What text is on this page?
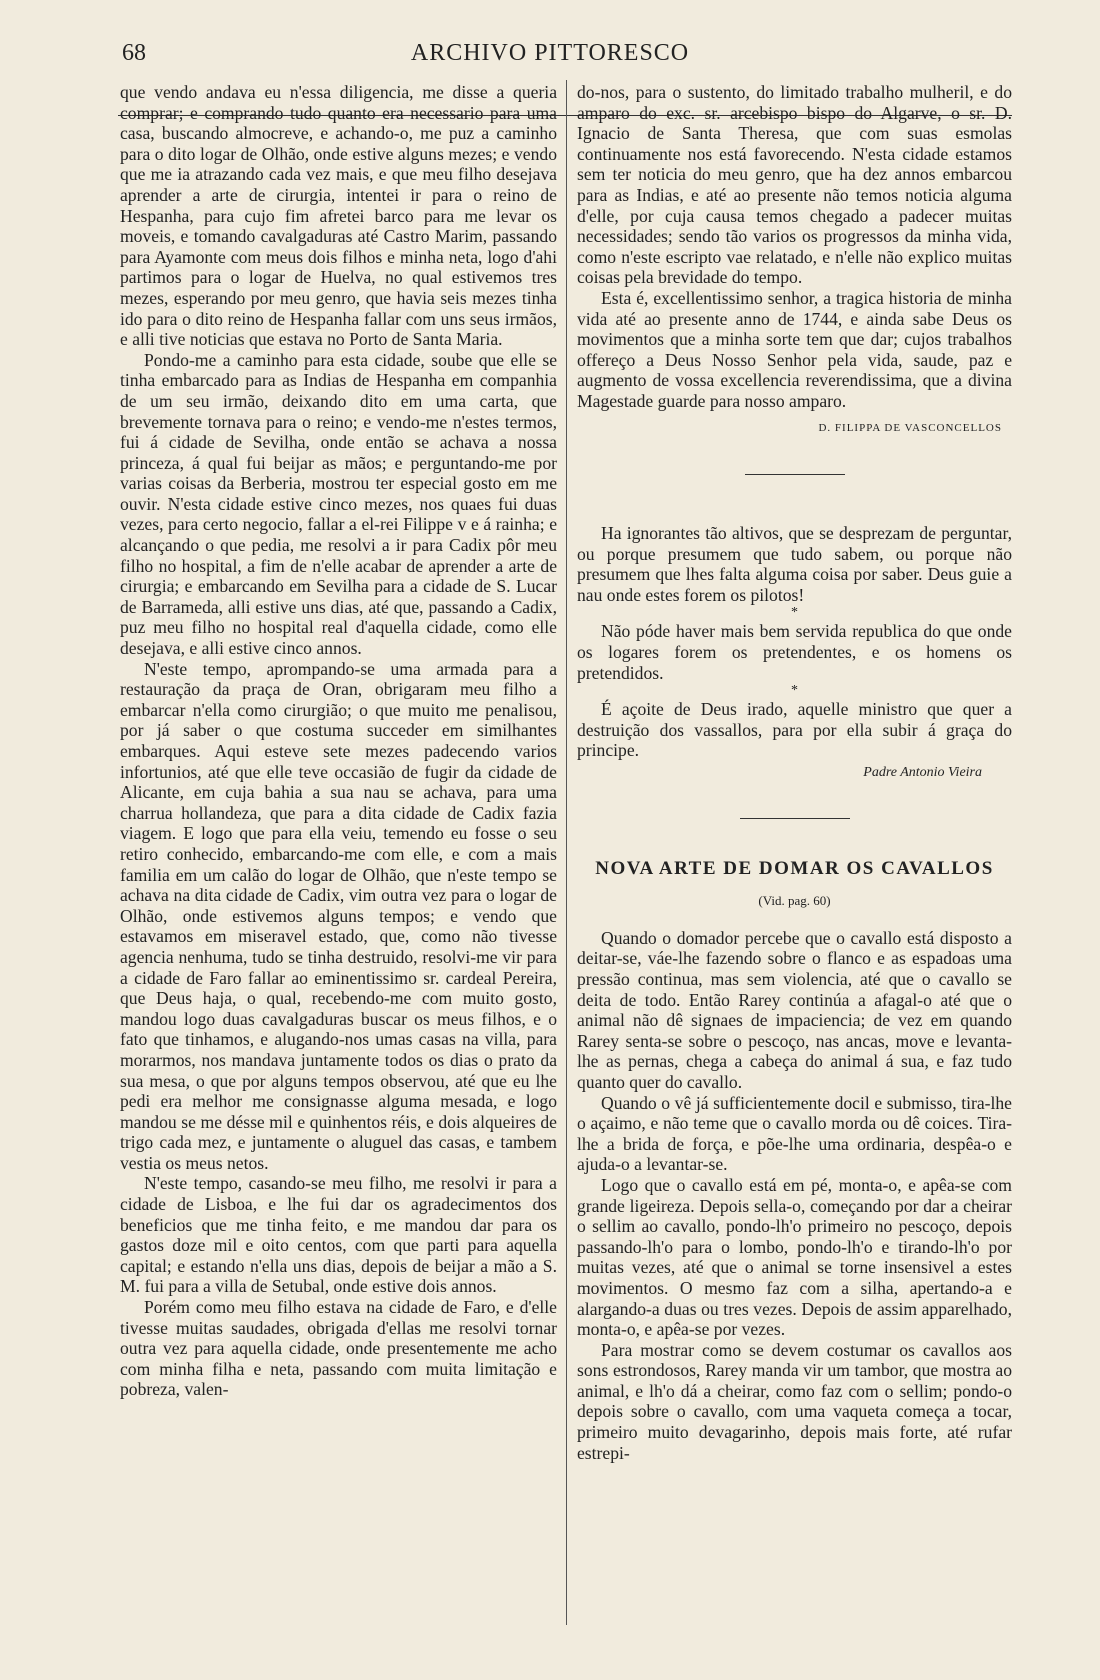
68	ARCHIVO PITTORESCO

que vendo andava eu n'essa diligencia, me disse a queria comprar; e comprando tudo quanto era necessario para uma casa, buscando almocreve, e achando-o, me puz a caminho para o dito logar de Olhão, onde estive alguns mezes; e vendo que me ia atrazando cada vez mais, e que meu filho desejava aprender a arte de cirurgia, intentei ir para o reino de Hespanha, para cujo fim afretei barco para me levar os moveis, e tomando cavalgaduras até Castro Marim, passando para Ayamonte com meus dois filhos e minha neta, logo d'ahi partimos para o logar de Huelva, no qual estivemos tres mezes, esperando por meu genro, que havia seis mezes tinha ido para o dito reino de Hespanha fallar com uns seus irmãos, e alli tive noticias que estava no Porto de Santa Maria.

Pondo-me a caminho para esta cidade, soube que elle se tinha embarcado para as Indias de Hespanha em companhia de um seu irmão, deixando dito em uma carta, que brevemente tornava para o reino; e vendo-me n'estes termos, fui á cidade de Sevilha, onde então se achava a nossa princeza, á qual fui beijar as mãos; e perguntando-me por varias coisas da Berberia, mostrou ter especial gosto em me ouvir. N'esta cidade estive cinco mezes, nos quaes fui duas vezes, para certo negocio, fallar a el-rei Filippe v e á rainha; e alcançando o que pedia, me resolvi a ir para Cadix pôr meu filho no hospital, a fim de n'elle acabar de aprender a arte de cirurgia; e embarcando em Sevilha para a cidade de S. Lucar de Barrameda, alli estive uns dias, até que, passando a Cadix, puz meu filho no hospital real d'aquella cidade, como elle desejava, e alli estive cinco annos.

N'este tempo, aprompando-se uma armada para a restauração da praça de Oran, obrigaram meu filho a embarcar n'ella como cirurgião; o que muito me penalisou, por já saber o que costuma succeder em similhantes embarques. Aqui esteve sete mezes padecendo varios infortunios, até que elle teve occasião de fugir da cidade de Alicante, em cuja bahia a sua nau se achava, para uma charrua hollandeza, que para a dita cidade de Cadix fazia viagem. E logo que para ella veiu, temendo eu fosse o seu retiro conhecido, embarcando-me com elle, e com a mais familia em um calão do logar de Olhão, que n'este tempo se achava na dita cidade de Cadix, vim outra vez para o logar de Olhão, onde estivemos alguns tempos; e vendo que estavamos em miseravel estado, que, como não tivesse agencia nenhuma, tudo se tinha destruido, resolvi-me vir para a cidade de Faro fallar ao eminentissimo sr. cardeal Pereira, que Deus haja, o qual, recebendo-me com muito gosto, mandou logo duas cavalgaduras buscar os meus filhos, e o fato que tinhamos, e alugando-nos umas casas na villa, para morarmos, nos mandava juntamente todos os dias o prato da sua mesa, o que por alguns tempos observou, até que eu lhe pedi era melhor me consignasse alguma mesada, e logo mandou se me désse mil e quinhentos réis, e dois alqueires de trigo cada mez, e juntamente o aluguel das casas, e tambem vestia os meus netos.

N'este tempo, casando-se meu filho, me resolvi ir para a cidade de Lisboa, e lhe fui dar os agradecimentos dos beneficios que me tinha feito, e me mandou dar para os gastos doze mil e oito centos, com que parti para aquella capital; e estando n'ella uns dias, depois de beijar a mão a S. M. fui para a villa de Setubal, onde estive dois annos.

Porém como meu filho estava na cidade de Faro, e d'elle tivesse muitas saudades, obrigada d'ellas me resolvi tornar outra vez para aquella cidade, onde presentemente me acho com minha filha e neta, passando com muita limitação e pobreza, valen-

do-nos, para o sustento, do limitado trabalho mulheril, e do amparo do exc. sr. arcebispo bispo do Algarve, o sr. D. Ignacio de Santa Theresa, que com suas esmolas continuamente nos está favorecendo. N'esta cidade estamos sem ter noticia do meu genro, que ha dez annos embarcou para as Indias, e até ao presente não temos noticia alguma d'elle, por cuja causa temos chegado a padecer muitas necessidades; sendo tão varios os progressos da minha vida, como n'este escripto vae relatado, e n'elle não explico muitas coisas pela brevidade do tempo.

Esta é, excellentissimo senhor, a tragica historia de minha vida até ao presente anno de 1744, e ainda sabe Deus os movimentos que a minha sorte tem que dar; cujos trabalhos offereço a Deus Nosso Senhor pela vida, saude, paz e augmento de vossa excellencia reverendissima, que a divina Magestade guarde para nosso amparo.

D. FILIPPA DE VASCONCELLOS

Ha ignorantes tão altivos, que se desprezam de perguntar, ou porque presumem que tudo sabem, ou porque não presumem que lhes falta alguma coisa por saber. Deus guie a nau onde estes forem os pilotos!

*

Não póde haver mais bem servida republica do que onde os logares forem os pretendentes, e os homens os pretendidos.

*

É açoite de Deus irado, aquelle ministro que quer a destruição dos vassallos, para por ella subir á graça do principe.

Padre Antonio Vieira
NOVA ARTE DE DOMAR OS CAVALLOS
(Vid. pag. 60)

Quando o domador percebe que o cavallo está disposto a deitar-se, váe-lhe fazendo sobre o flanco e as espadoas uma pressão continua, mas sem violencia, até que o cavallo se deita de todo. Então Rarey continúa a afagal-o até que o animal não dê signaes de impaciencia; de vez em quando Rarey senta-se sobre o pescoço, nas ancas, move e levanta-lhe as pernas, chega a cabeça do animal á sua, e faz tudo quanto quer do cavallo.

Quando o vê já sufficientemente docil e submisso, tira-lhe o açaimo, e não teme que o cavallo morda ou dê coices. Tira-lhe a brida de força, e põe-lhe uma ordinaria, despêa-o e ajuda-o a levantar-se.

Logo que o cavallo está em pé, monta-o, e apêa-se com grande ligeireza. Depois sella-o, começando por dar a cheirar o sellim ao cavallo, pondo-lh'o primeiro no pescoço, depois passando-lh'o para o lombo, pondo-lh'o e tirando-lh'o por muitas vezes, até que o animal se torne insensivel a estes movimentos. O mesmo faz com a silha, apertando-a e alargando-a duas ou tres vezes. Depois de assim apparelhado, monta-o, e apêa-se por vezes.

Para mostrar como se devem costumar os cavallos aos sons estrondosos, Rarey manda vir um tambor, que mostra ao animal, e lh'o dá a cheirar, como faz com o sellim; pondo-o depois sobre o cavallo, com uma vaqueta começa a tocar, primeiro muito devagarinho, depois mais forte, até rufar estrepi-
